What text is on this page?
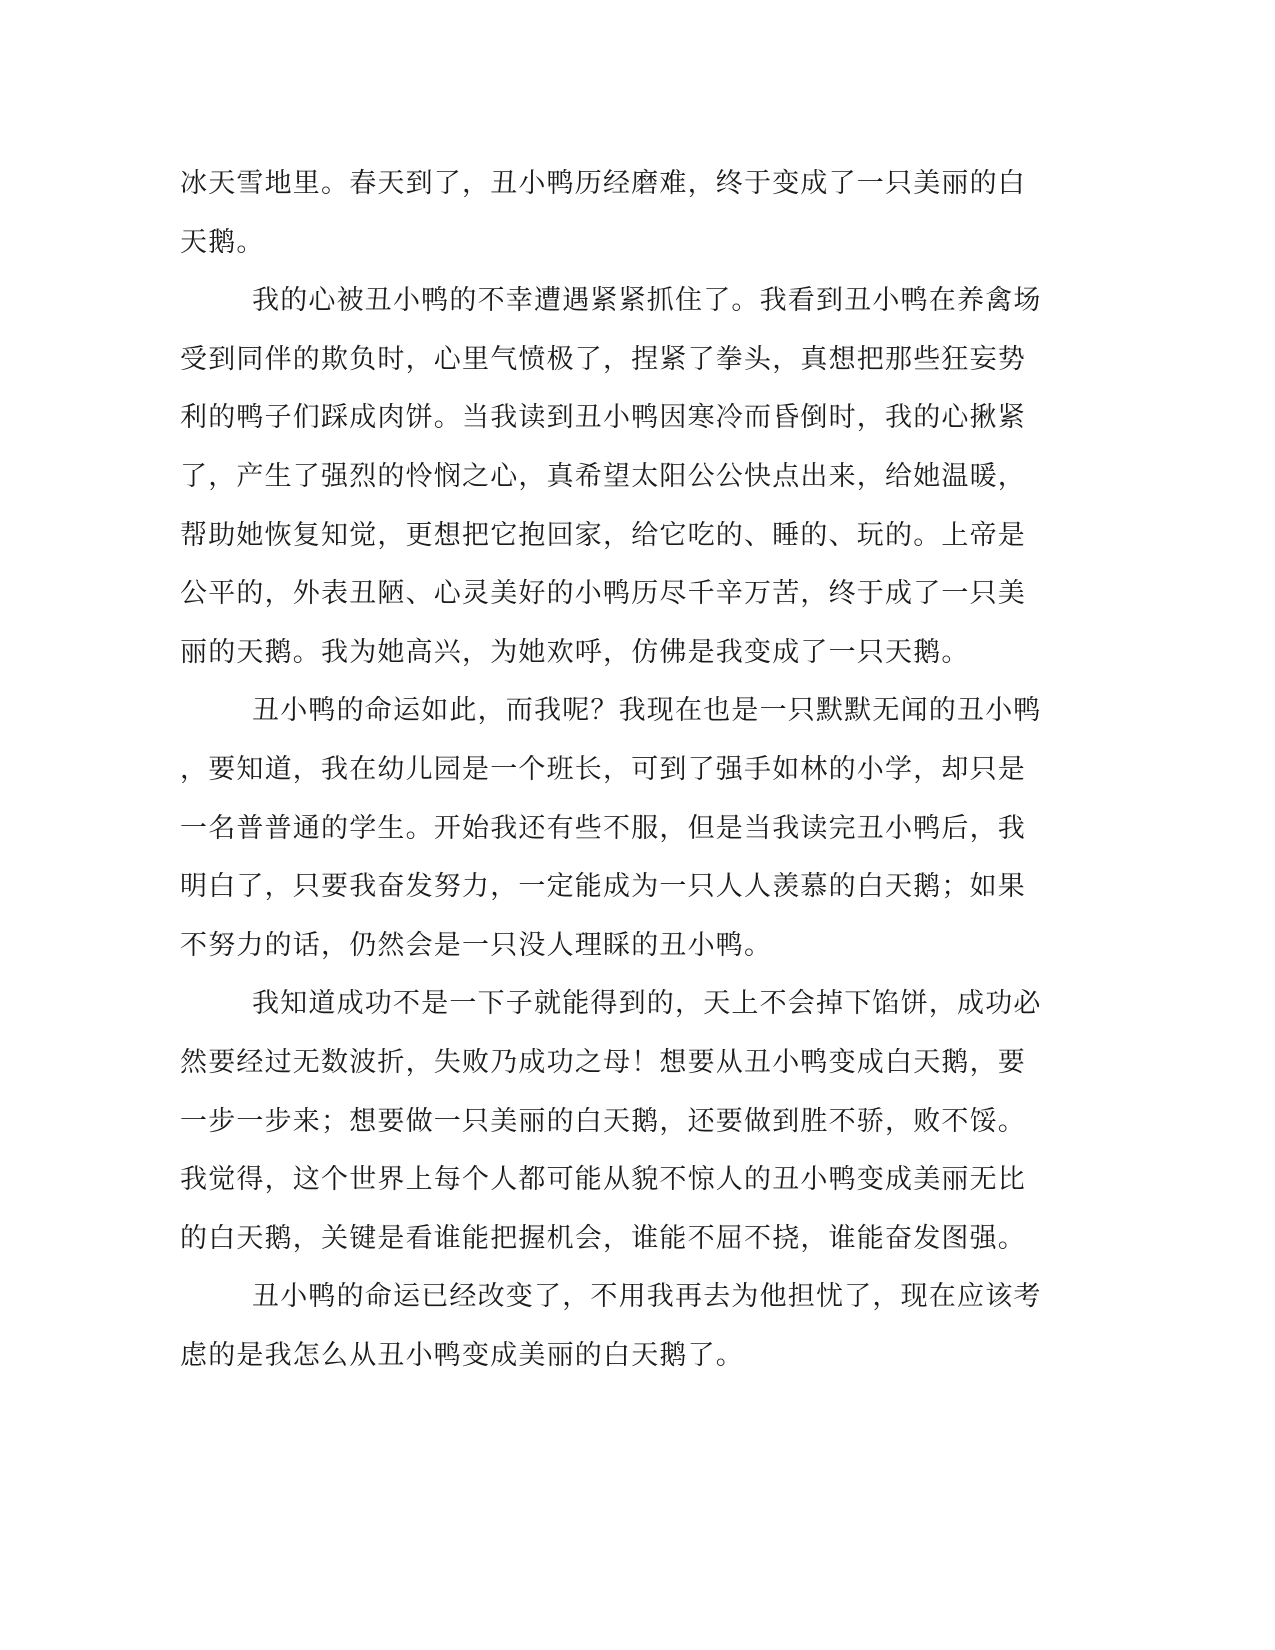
冰天雪地里。春天到了，丑小鸭历经磨难，终于变成了一只美丽的白
天鹅。
我的心被丑小鸭的不幸遭遇紧紧抓住了。我看到丑小鸭在养禽场
受到同伴的欺负时，心里气愤极了，捏紧了拳头，真想把那些狂妄势
利的鸭子们踩成肉饼。当我读到丑小鸭因寒冷而昏倒时，我的心揪紧
了，产生了强烈的怜悯之心，真希望太阳公公快点出来，给她温暖，
帮助她恢复知觉，更想把它抱回家，给它吃的、睡的、玩的。上帝是
公平的，外表丑陋、心灵美好的小鸭历尽千辛万苦，终于成了一只美
丽的天鹅。我为她高兴，为她欢呼，仿佛是我变成了一只天鹅。
丑小鸭的命运如此，而我呢？我现在也是一只默默无闻的丑小鸭
，要知道，我在幼儿园是一个班长，可到了强手如林的小学，却只是
一名普普通的学生。开始我还有些不服，但是当我读完丑小鸭后，我
明白了，只要我奋发努力，一定能成为一只人人羡慕的白天鹅；如果
不努力的话，仍然会是一只没人理睬的丑小鸭。
我知道成功不是一下子就能得到的，天上不会掉下馅饼，成功必
然要经过无数波折，失败乃成功之母！想要从丑小鸭变成白天鹅，要
一步一步来；想要做一只美丽的白天鹅，还要做到胜不骄，败不馁。
我觉得，这个世界上每个人都可能从貌不惊人的丑小鸭变成美丽无比
的白天鹅，关键是看谁能把握机会，谁能不屈不挠，谁能奋发图强。
丑小鸭的命运已经改变了，不用我再去为他担忧了，现在应该考
虑的是我怎么从丑小鸭变成美丽的白天鹅了。
